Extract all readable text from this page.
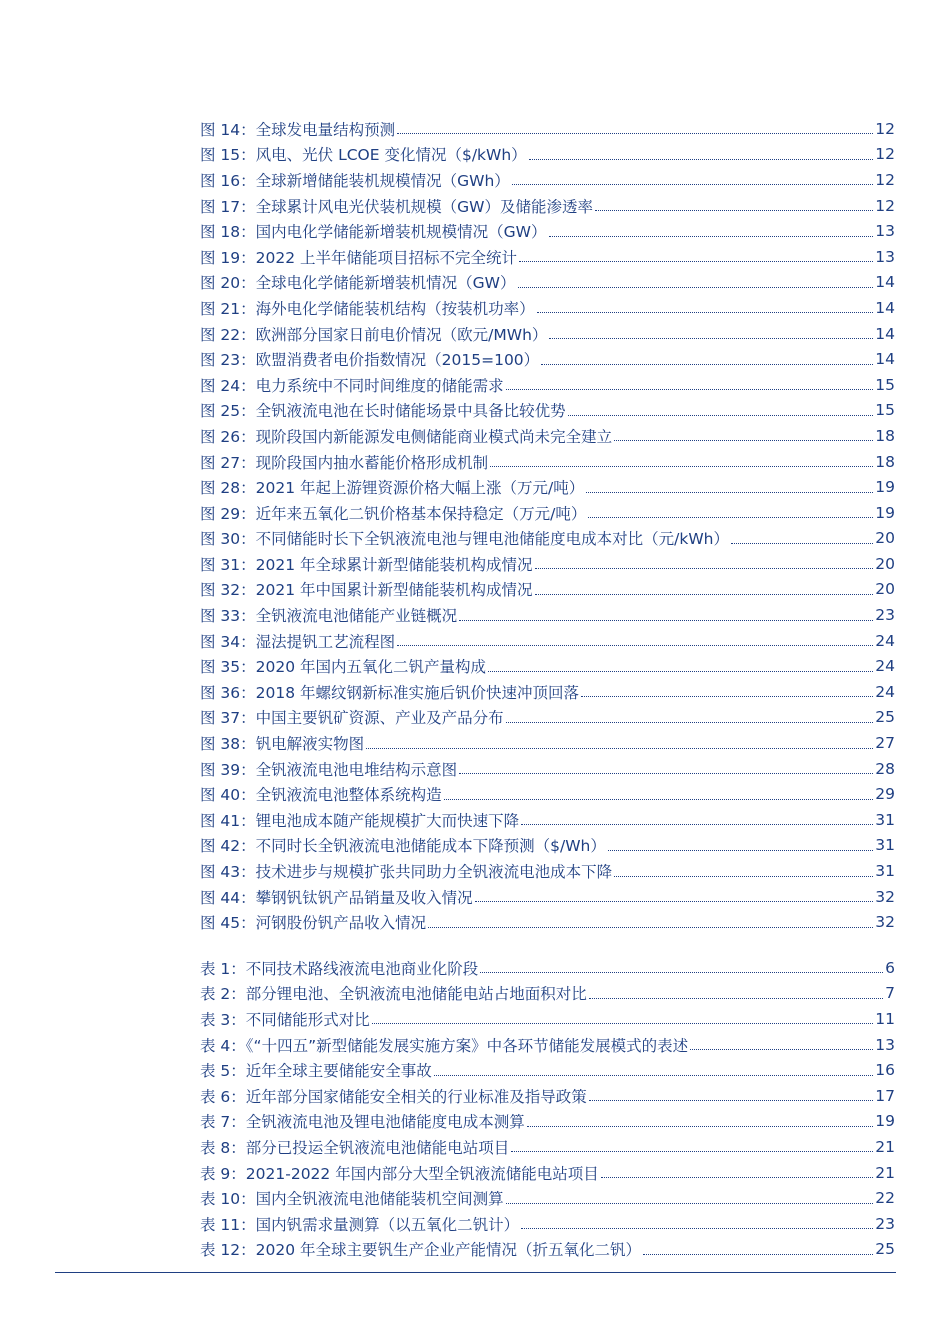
图 14：全球发电量结构预测	12
图 15：风电、光伏 LCOE 变化情况（$/kWh）	12
图 16：全球新增储能装机规模情况（GWh）	12
图 17：全球累计风电光伏装机规模（GW）及储能渗透率	12
图 18：国内电化学储能新增装机规模情况（GW）	13
图 19：2022 上半年储能项目招标不完全统计	13
图 20：全球电化学储能新增装机情况（GW）	14
图 21：海外电化学储能装机结构（按装机功率）	14
图 22：欧洲部分国家日前电价情况（欧元/MWh）	14
图 23：欧盟消费者电价指数情况（2015=100）	14
图 24：电力系统中不同时间维度的储能需求	15
图 25：全钒液流电池在长时储能场景中具备比较优势	15
图 26：现阶段国内新能源发电侧储能商业模式尚未完全建立	18
图 27：现阶段国内抽水蓄能价格形成机制	18
图 28：2021 年起上游锂资源价格大幅上涨（万元/吨）	19
图 29：近年来五氧化二钒价格基本保持稳定（万元/吨）	19
图 30：不同储能时长下全钒液流电池与锂电池储能度电成本对比（元/kWh）	20
图 31：2021 年全球累计新型储能装机构成情况	20
图 32：2021 年中国累计新型储能装机构成情况	20
图 33：全钒液流电池储能产业链概况	23
图 34：湿法提钒工艺流程图	24
图 35：2020 年国内五氧化二钒产量构成	24
图 36：2018 年螺纹钢新标准实施后钒价快速冲顶回落	24
图 37：中国主要钒矿资源、产业及产品分布	25
图 38：钒电解液实物图	27
图 39：全钒液流电池电堆结构示意图	28
图 40：全钒液流电池整体系统构造	29
图 41：锂电池成本随产能规模扩大而快速下降	31
图 42：不同时长全钒液流电池储能成本下降预测（$/Wh）	31
图 43：技术进步与规模扩张共同助力全钒液流电池成本下降	31
图 44：攀钢钒钛钒产品销量及收入情况	32
图 45：河钢股份钒产品收入情况	32
表 1：不同技术路线液流电池商业化阶段	6
表 2：部分锂电池、全钒液流电池储能电站占地面积对比	7
表 3：不同储能形式对比	11
表 4：《“十四五”新型储能发展实施方案》中各环节储能发展模式的表述	13
表 5：近年全球主要储能安全事故	16
表 6：近年部分国家储能安全相关的行业标准及指导政策	17
表 7：全钒液流电池及锂电池储能度电成本测算	19
表 8：部分已投运全钒液流电池储能电站项目	21
表 9：2021-2022 年国内部分大型全钒液流储能电站项目	21
表 10：国内全钒液流电池储能装机空间测算	22
表 11：国内钒需求量测算（以五氧化二钒计）	23
表 12：2020 年全球主要钒生产企业产能情况（折五氧化二钒）	25
